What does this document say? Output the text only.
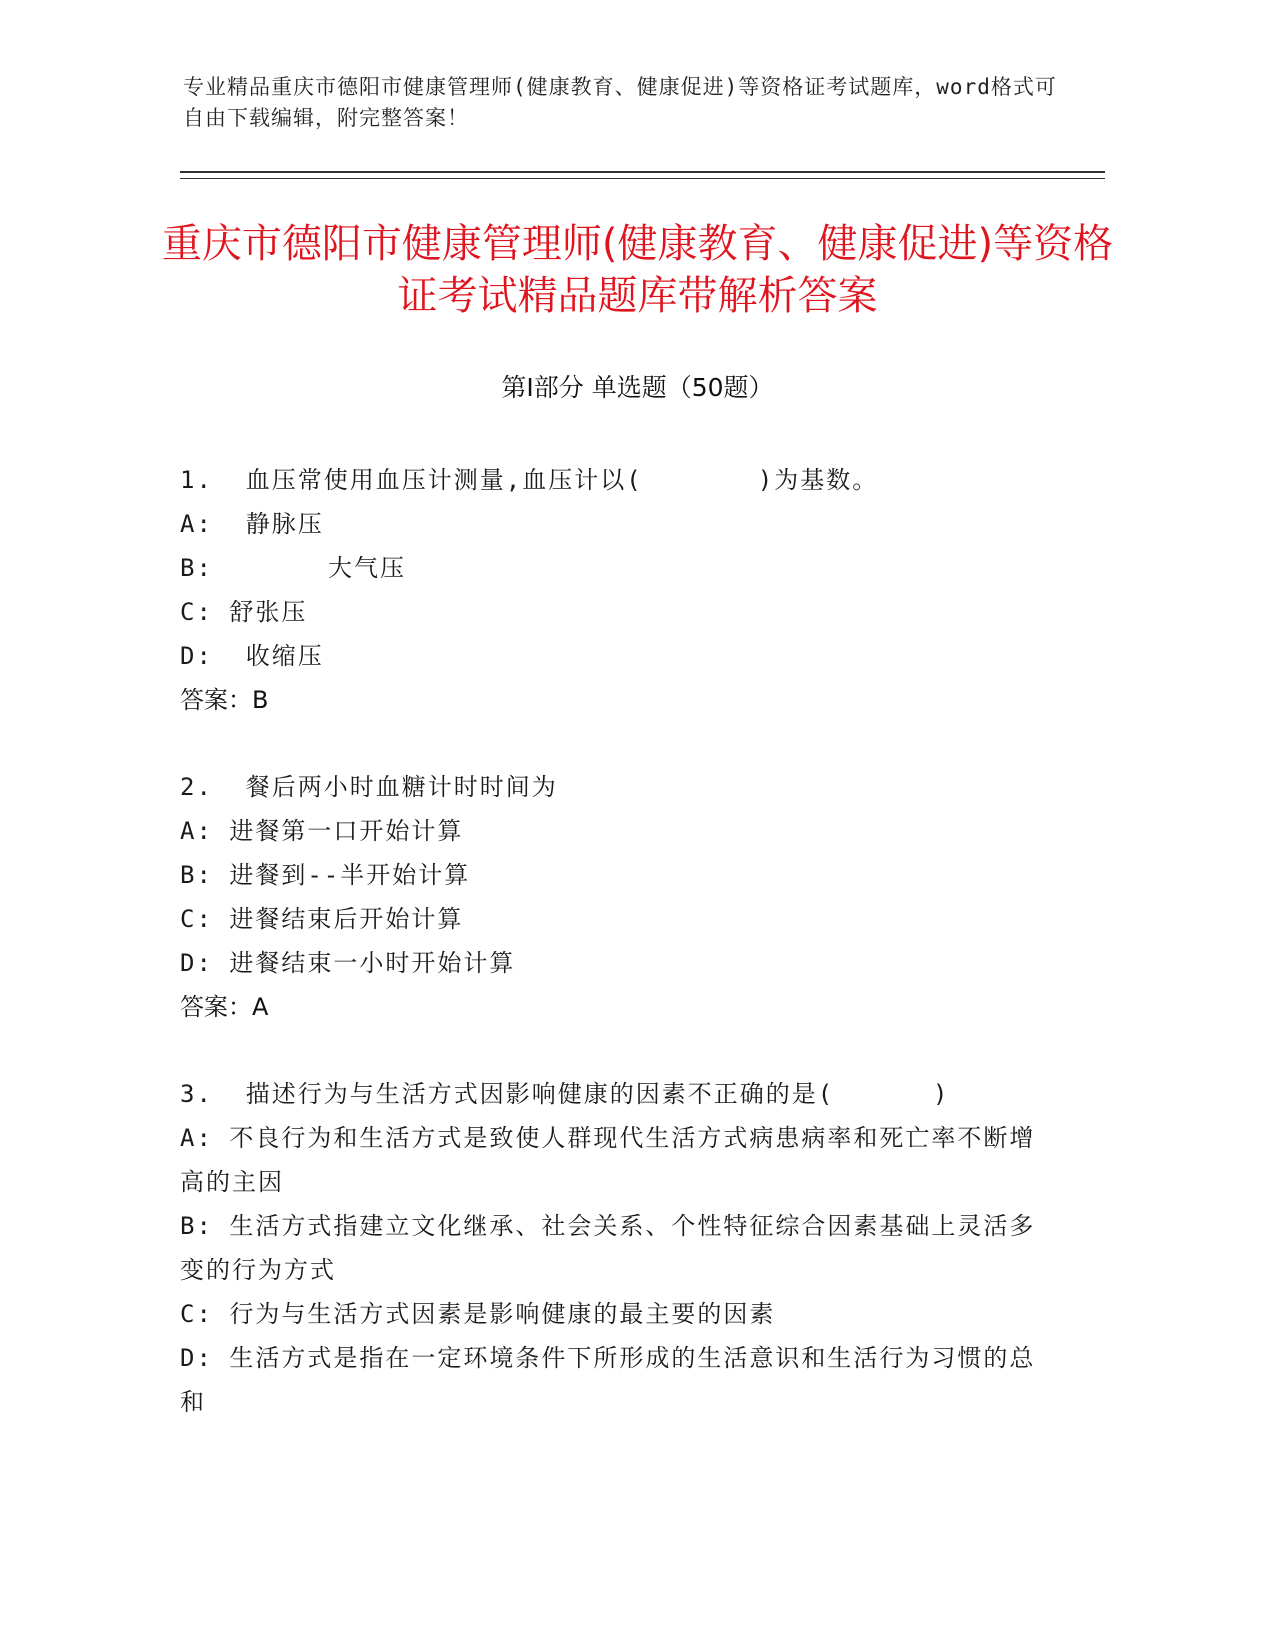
专业精品重庆市德阳市健康管理师(健康教育、健康促进)等资格证考试题库，word格式可自由下载编辑，附完整答案！
重庆市德阳市健康管理师(健康教育、健康促进)等资格证考试精品题库带解析答案
第Ⅰ部分 单选题（50题）
1.  血压常使用血压计测量,血压计以(       )为基数。
A:  静脉压
B:       大气压
C: 舒张压
D:  收缩压
答案：B
2.  餐后两小时血糖计时时间为
A: 进餐第一口开始计算
B: 进餐到--半开始计算
C: 进餐结束后开始计算
D: 进餐结束一小时开始计算
答案：A
3.  描述行为与生活方式因影响健康的因素不正确的是(      )
A: 不良行为和生活方式是致使人群现代生活方式病患病率和死亡率不断增高的主因
B: 生活方式指建立文化继承、社会关系、个性特征综合因素基础上灵活多变的行为方式
C: 行为与生活方式因素是影响健康的最主要的因素
D: 生活方式是指在一定环境条件下所形成的生活意识和生活行为习惯的总和
